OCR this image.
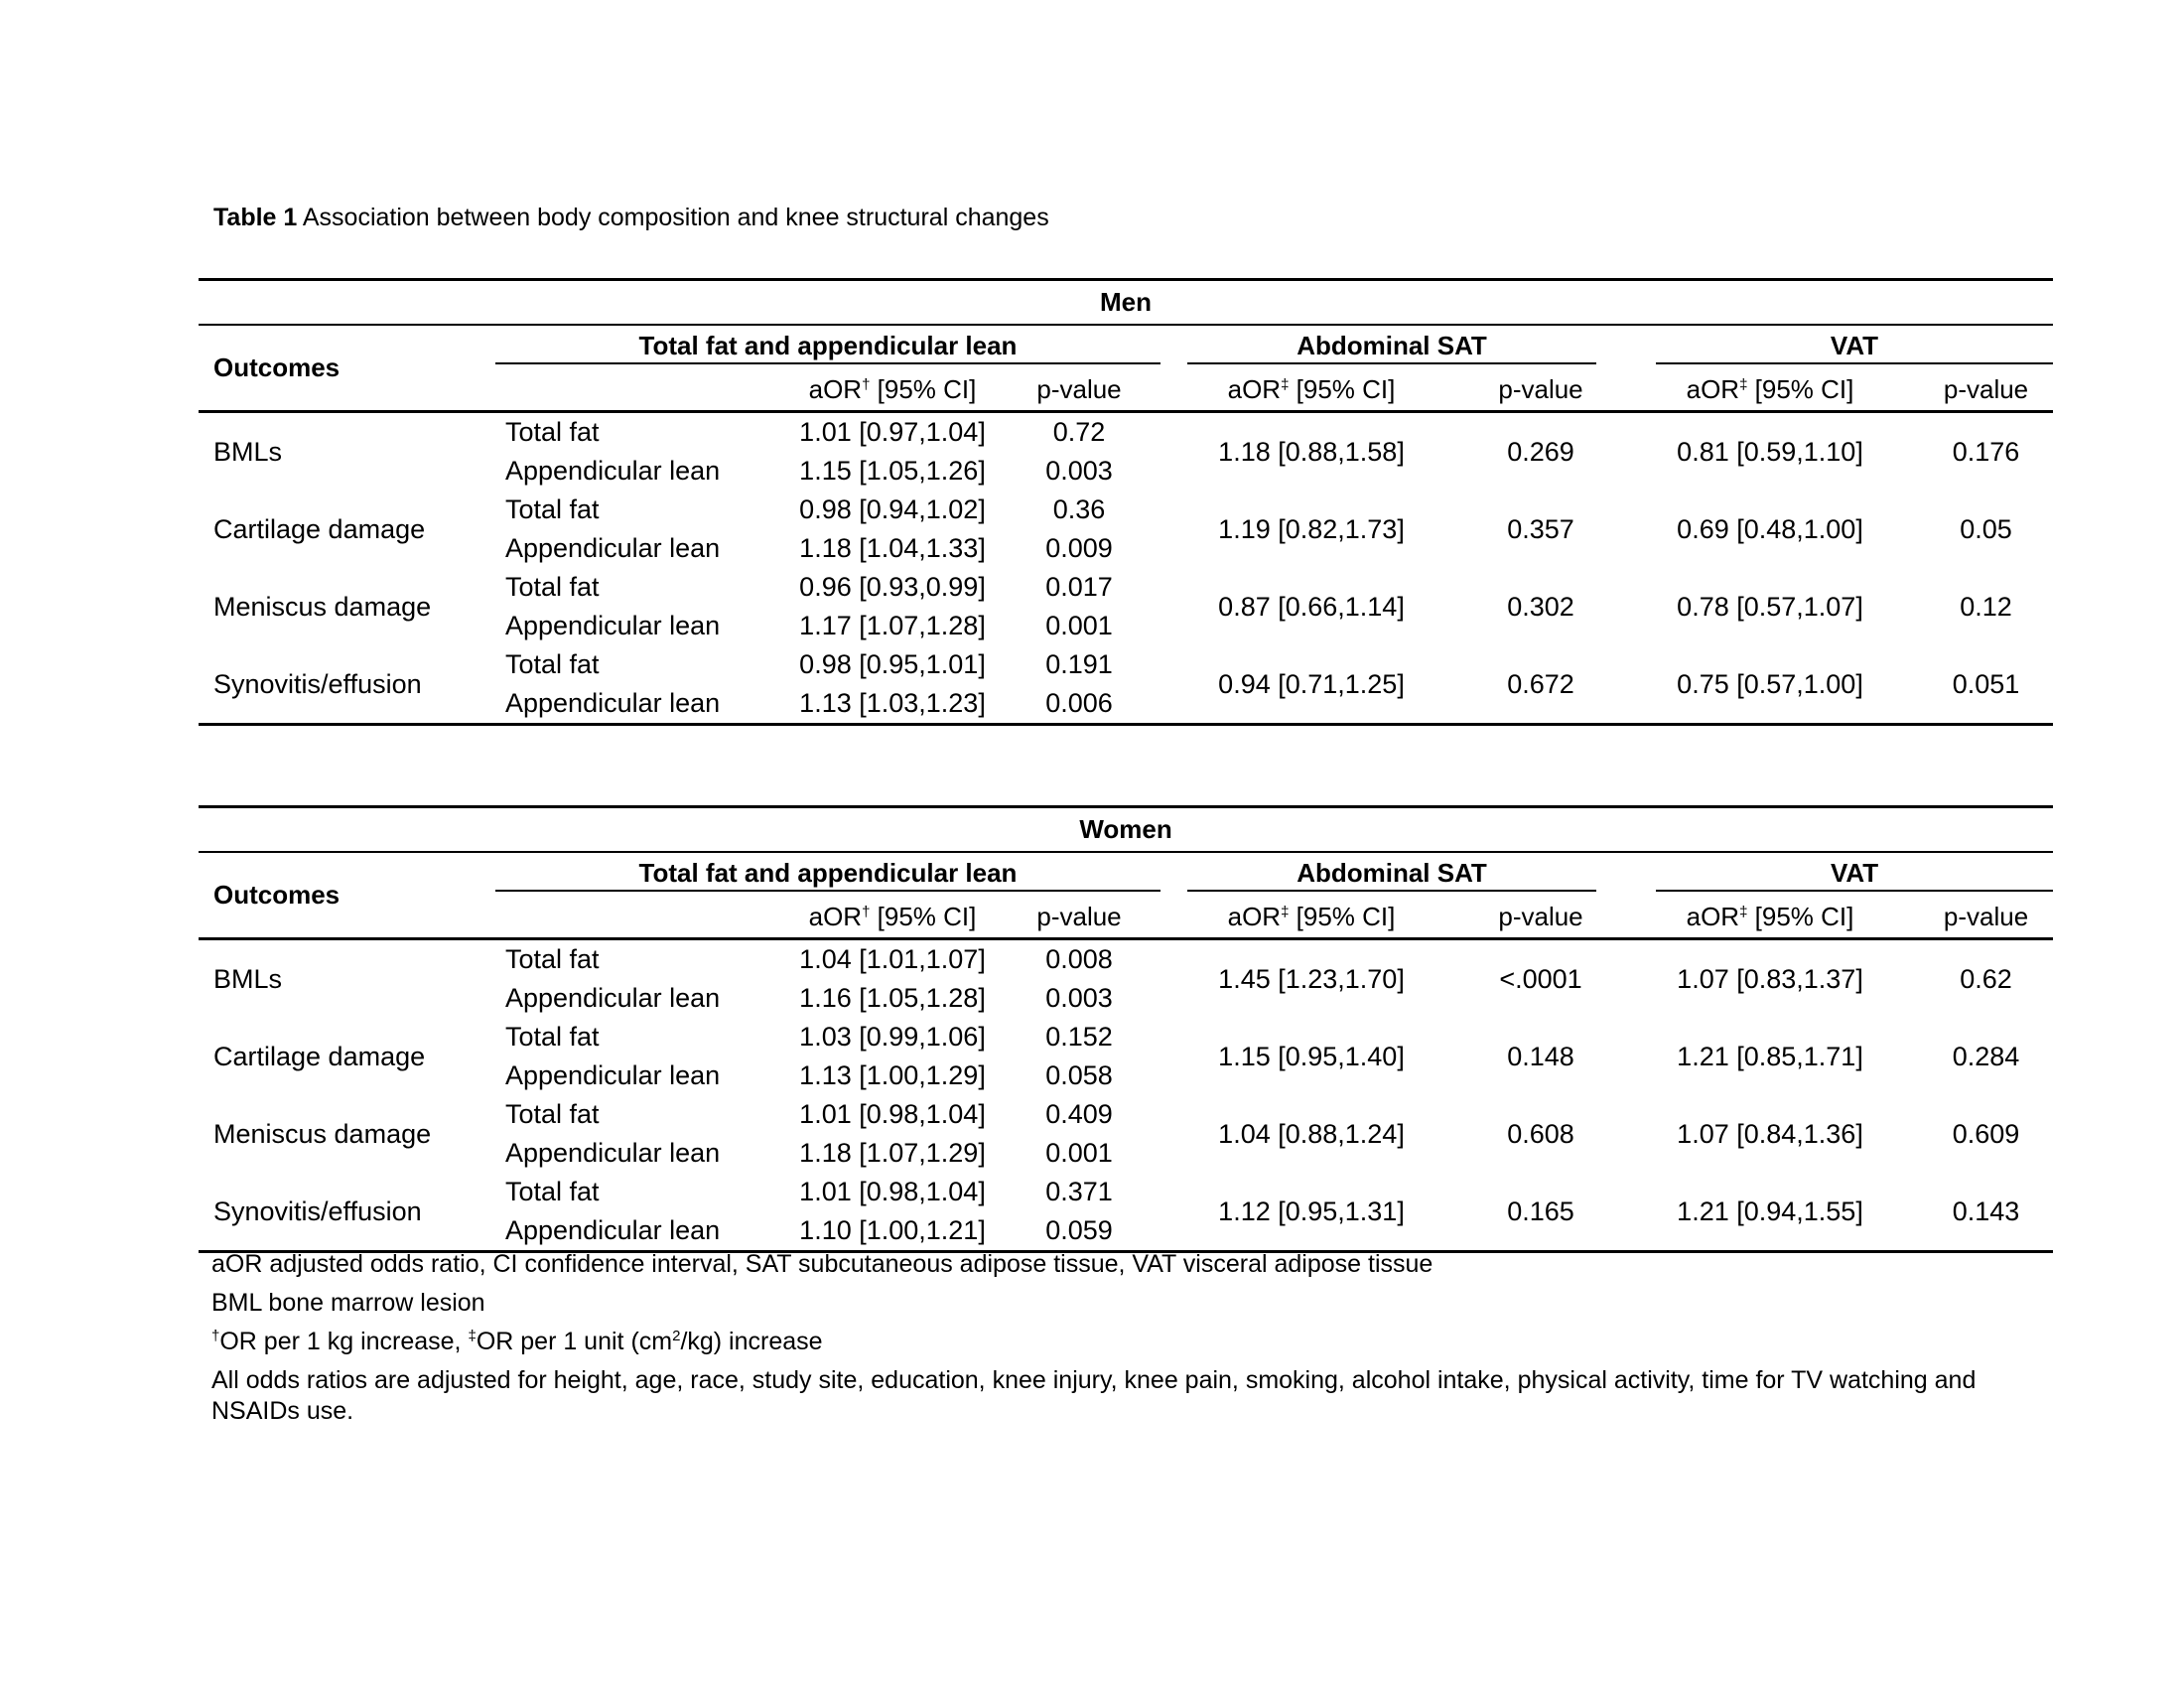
Table 1 Association between body composition and knee structural changes
Men							
Outcomes	Total fat and appendicular lean			Abdominal SAT		VAT	

		aOR† [95% CI]	p-value	aOR‡ [95% CI]	p-value	aOR‡ [95% CI]	p-value
BMLs	Total fat	1.01 [0.97,1.04]	0.72	1.18 [0.88,1.58]	0.269	0.81 [0.59,1.10]	0.176
	Appendicular lean	1.15 [1.05,1.26]	0.003				
Cartilage damage	Total fat	0.98 [0.94,1.02]	0.36	1.19 [0.82,1.73]	0.357	0.69 [0.48,1.00]	0.05
	Appendicular lean	1.18 [1.04,1.33]	0.009				
Meniscus damage	Total fat	0.96 [0.93,0.99]	0.017	0.87 [0.66,1.14]	0.302	0.78 [0.57,1.07]	0.12
	Appendicular lean	1.17 [1.07,1.28]	0.001				
Synovitis/effusion	Total fat	0.98 [0.95,1.01]	0.191	0.94 [0.71,1.25]	0.672	0.75 [0.57,1.00]	0.051
	Appendicular lean	1.13 [1.03,1.23]	0.006				
Women							
Outcomes	Total fat and appendicular lean			Abdominal SAT		VAT	

		aOR† [95% CI]	p-value	aOR‡ [95% CI]	p-value	aOR‡ [95% CI]	p-value
BMLs	Total fat	1.04 [1.01,1.07]	0.008	1.45 [1.23,1.70]	<.0001	1.07 [0.83,1.37]	0.62
	Appendicular lean	1.16 [1.05,1.28]	0.003				
Cartilage damage	Total fat	1.03 [0.99,1.06]	0.152	1.15 [0.95,1.40]	0.148	1.21 [0.85,1.71]	0.284
	Appendicular lean	1.13 [1.00,1.29]	0.058				
Meniscus damage	Total fat	1.01 [0.98,1.04]	0.409	1.04 [0.88,1.24]	0.608	1.07 [0.84,1.36]	0.609
	Appendicular lean	1.18 [1.07,1.29]	0.001				
Synovitis/effusion	Total fat	1.01 [0.98,1.04]	0.371	1.12 [0.95,1.31]	0.165	1.21 [0.94,1.55]	0.143
	Appendicular lean	1.10 [1.00,1.21]	0.059				

aOR adjusted odds ratio, CI confidence interval, SAT subcutaneous adipose tissue, VAT visceral adipose tissue

BML bone marrow lesion

†OR per 1 kg increase, ‡OR per 1 unit $(cm^2/kg)$ increase

All odds ratios are adjusted for height, age, race, study site, education, knee injury, knee pain, smoking, alcohol intake, physical activity, time for TV watching and NSAIDs use.
